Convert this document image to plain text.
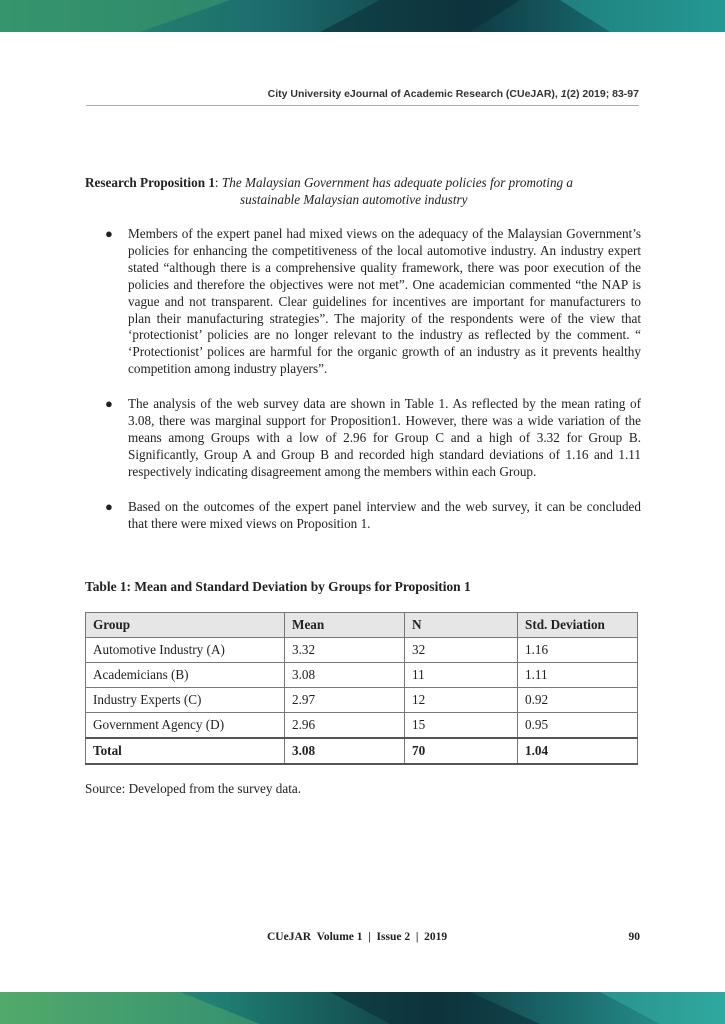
City University eJournal of Academic Research (CUeJAR), 1(2) 2019; 83-97
Research Proposition 1: The Malaysian Government has adequate policies for promoting a
sustainable Malaysian automotive industry
● Members of the expert panel had mixed views on the adequacy of the Malaysian Government’s policies for enhancing the competitiveness of the local automotive industry. An industry expert stated “although there is a comprehensive quality framework, there was poor execution of the policies and therefore the objectives were not met”. One academician commented “the NAP is vague and not transparent. Clear guidelines for incentives are important for manufacturers to plan their manufacturing strategies”. The majority of the respondents were of the view that ‘protectionist’ policies are no longer relevant to the industry as reflected by the comment. “ ‘Protectionist’ polices are harmful for the organic growth of an industry as it prevents healthy competition among industry players”.
● The analysis of the web survey data are shown in Table 1. As reflected by the mean rating of 3.08, there was marginal support for Proposition1. However, there was a wide variation of the means among Groups with a low of 2.96 for Group C and a high of 3.32 for Group B. Significantly, Group A and Group B and recorded high standard deviations of 1.16 and 1.11 respectively indicating disagreement among the members within each Group.
● Based on the outcomes of the expert panel interview and the web survey, it can be concluded that there were mixed views on Proposition 1.
Table 1: Mean and Standard Deviation by Groups for Proposition 1
Group	Mean	N	Std. Deviation
Automotive Industry (A)	3.32	32	1.16
Academicians (B)	3.08	11	1.11
Industry Experts (C)	2.97	12	0.92
Government Agency (D)	2.96	15	0.95
Total	3.08	70	1.04
Source: Developed from the survey data.
CUeJAR  Volume 1  |  Issue 2  |  2019	90
